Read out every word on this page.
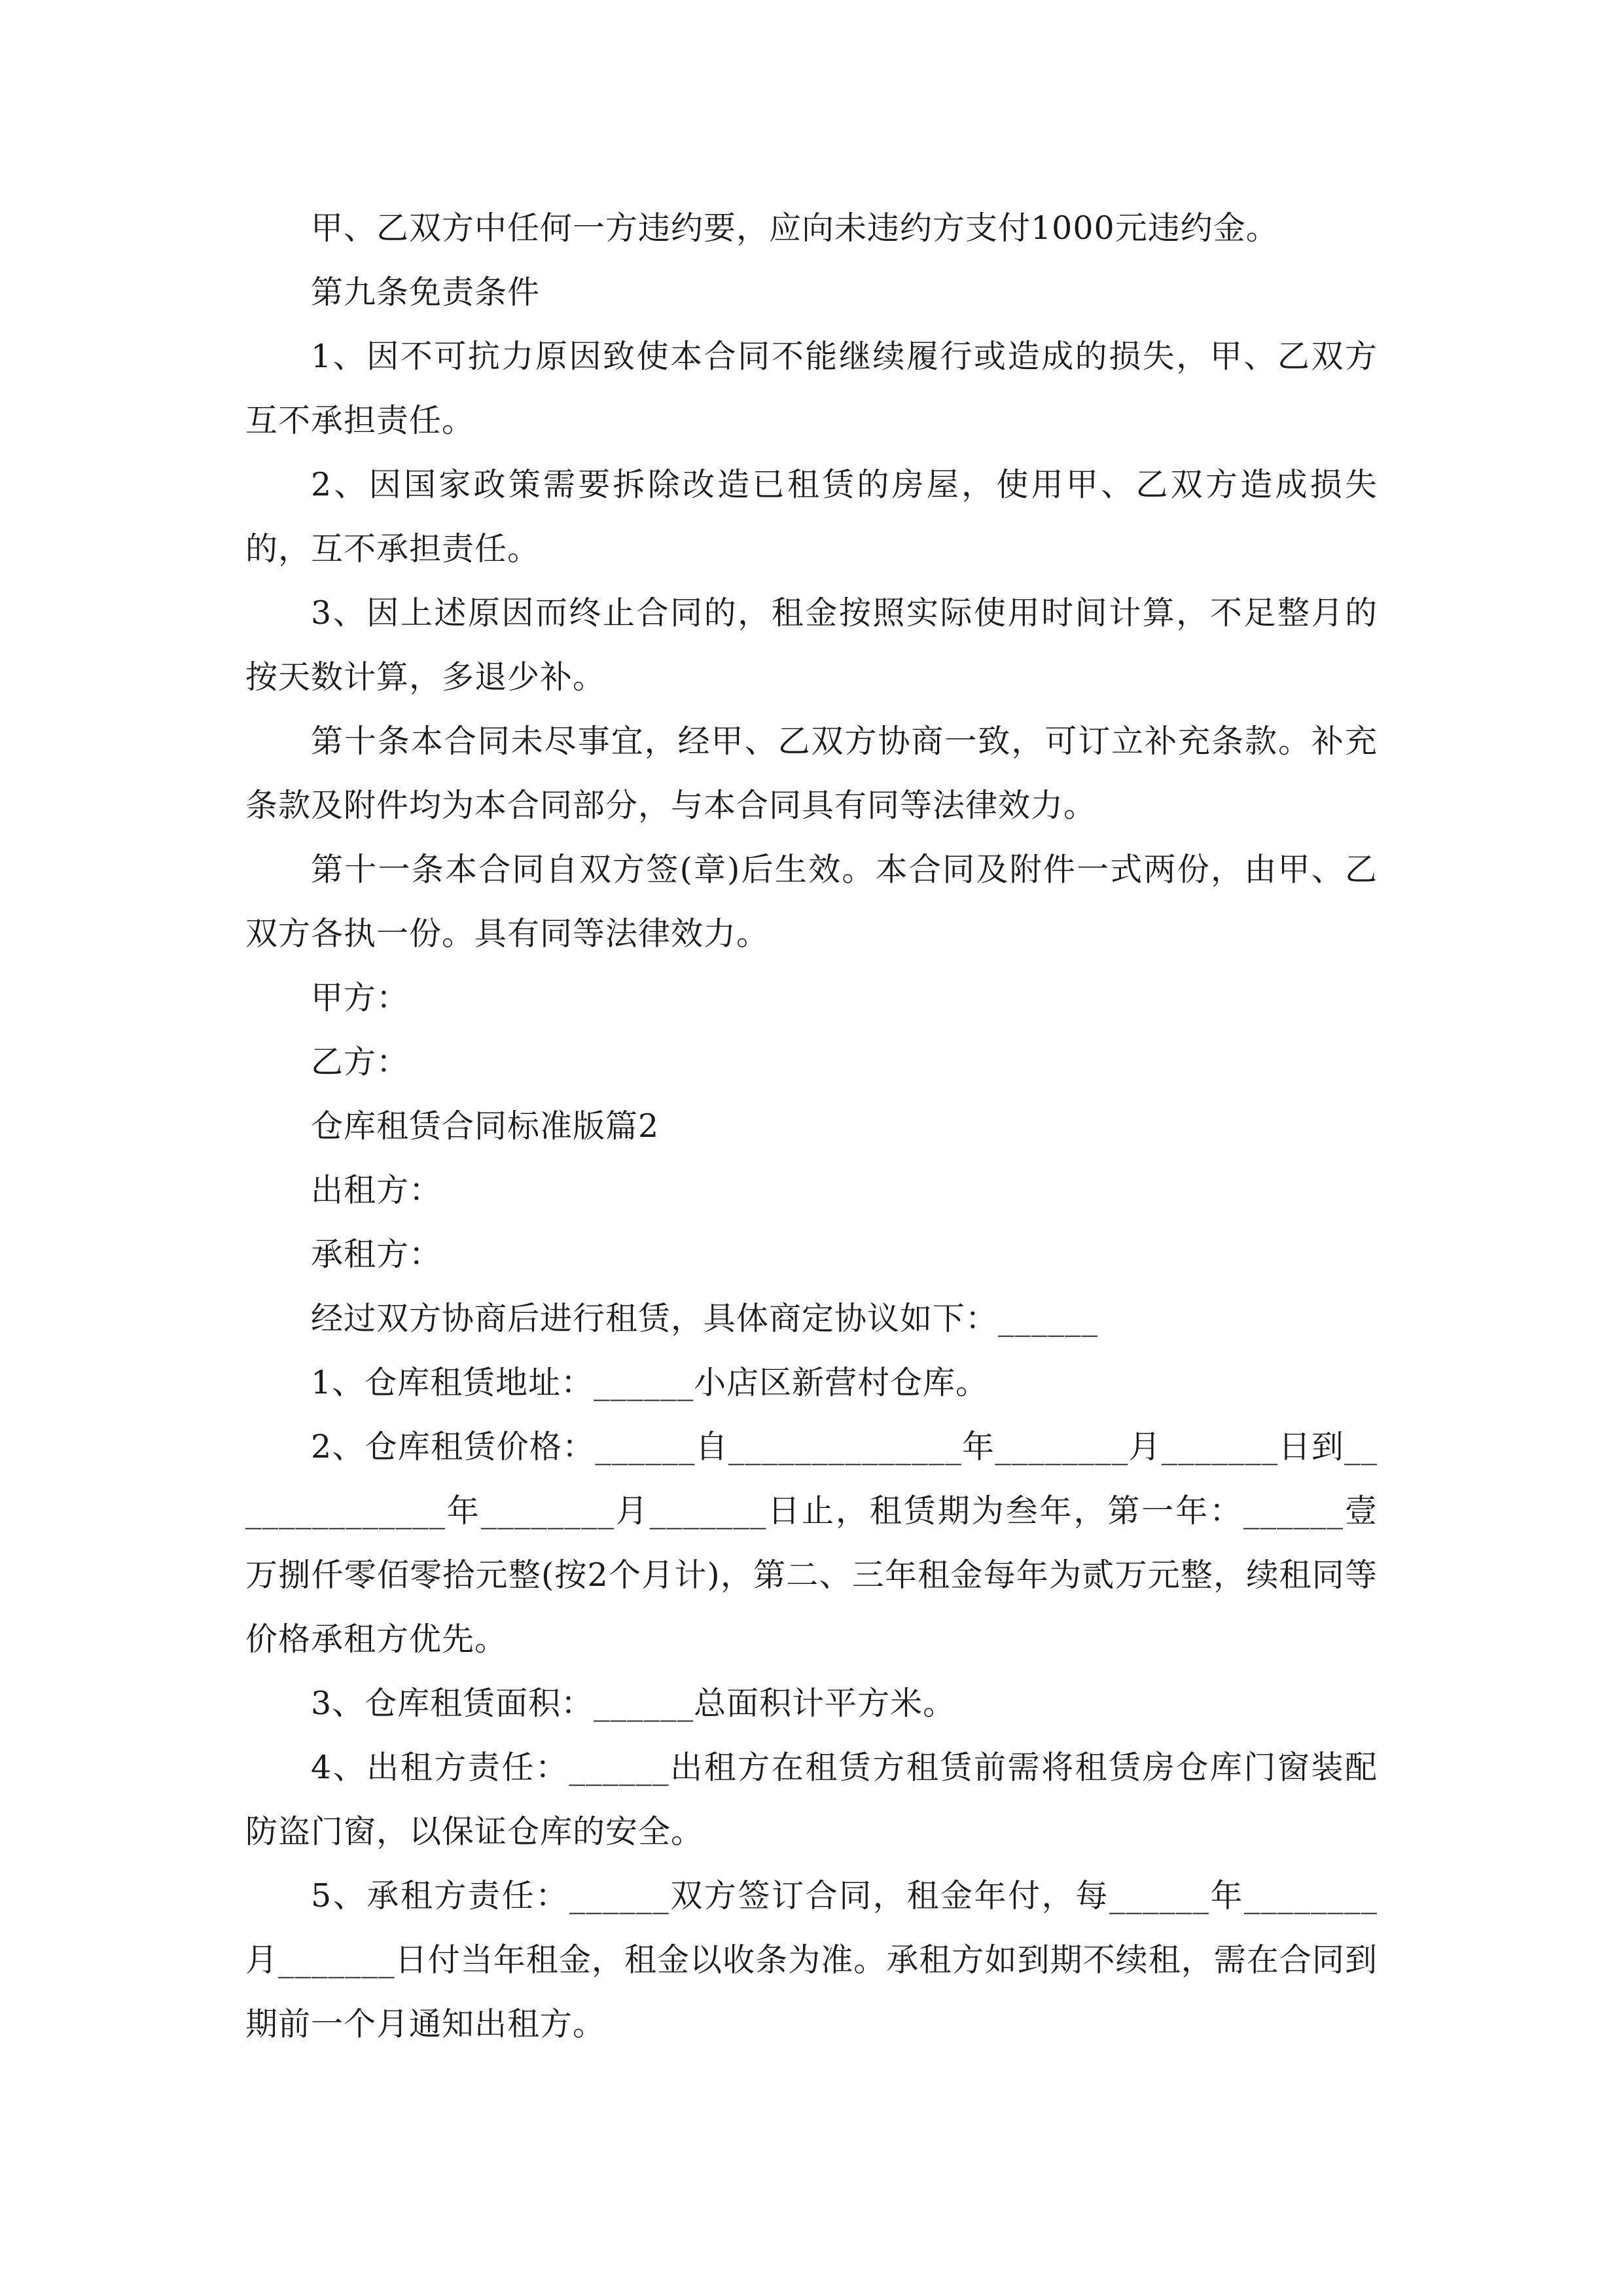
甲、乙双方中任何一方违约要，应向未违约方支付1000元违约金。

第九条免责条件

1、因不可抗力原因致使本合同不能继续履行或造成的损失，甲、乙双方互不承担责任。

2、因国家政策需要拆除改造已租赁的房屋，使用甲、乙双方造成损失的，互不承担责任。

3、因上述原因而终止合同的，租金按照实际使用时间计算，不足整月的按天数计算，多退少补。

第十条本合同未尽事宜，经甲、乙双方协商一致，可订立补充条款。补充条款及附件均为本合同部分，与本合同具有同等法律效力。

第十一条本合同自双方签(章)后生效。本合同及附件一式两份，由甲、乙双方各执一份。具有同等法律效力。

甲方：

乙方：

仓库租赁合同标准版篇2

出租方：

承租方：

经过双方协商后进行租赁，具体商定协议如下：______

1、仓库租赁地址：______小店区新营村仓库。

2、仓库租赁价格：______自______________年________月_______日到______________年________月_______日止，租赁期为叁年，第一年：______壹万捌仟零佰零拾元整(按2个月计)，第二、三年租金每年为贰万元整，续租同等价格承租方优先。

3、仓库租赁面积：______总面积计平方米。

4、出租方责任：______出租方在租赁方租赁前需将租赁房仓库门窗装配防盗门窗，以保证仓库的安全。

5、承租方责任：______双方签订合同，租金年付，每______年________月_______日付当年租金，租金以收条为准。承租方如到期不续租，需在合同到期前一个月通知出租方。
